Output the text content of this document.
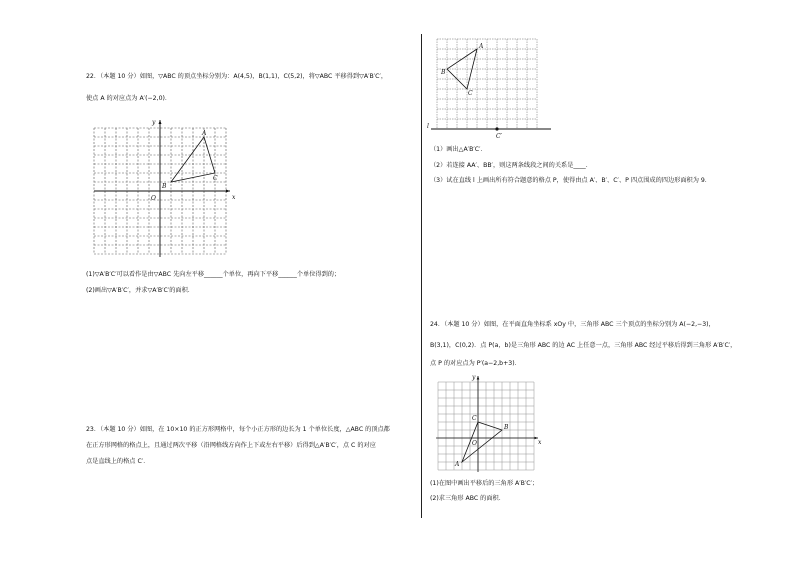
22．（本题 10 分）如图，▽ABC 的顶点坐标分别为：A(4,5)，B(1,1)，C(5,2)，将▽ABC 平移得到▽A′B′C′，
使点 A 的对应点为 A′(−2,0)．
x
y
O
A
B
C
(1)▽A′B′C′可以看作是由▽ABC 先向左平移______个单位，再向下平移______个单位得到的；
(2)画出▽A′B′C′，并求▽A′B′C′的面积．
23．（本题 10 分）如图，在 10×10 的正方形网格中，每个小正方形的边长为 1 个单位长度，△ABC 的顶点都
在正方形网格的格点上，且通过两次平移（沿网格线方向作上下或左右平移）后得到△A′B′C′，点 C 的对应
点是直线上的格点 C′．
A
B
C
l
C′
（1）画出△A′B′C′．
（2）若连接 AA′、BB′，则这两条线段之间的关系是____．
（3）试在直线 l 上画出所有符合题意的格点 P，使得由点 A′、B′、C′、P 四点围成的四边形面积为 9．
24．（本题 10 分）如图，在平面直角坐标系 xOy 中，三角形 ABC 三个顶点的坐标分别为 A(−2,−3)，
B(3,1)，C(0,2)．点 P(a，b)是三角形 ABC 的边 AC 上任意一点，三角形 ABC 经过平移后得到三角形 A′B′C′，
点 P 的对应点为 P′(a−2,b+3)．
x
y
O
A
B
C
(1)在图中画出平移后的三角形 A′B′C′；
(2)求三角形 ABC 的面积．
